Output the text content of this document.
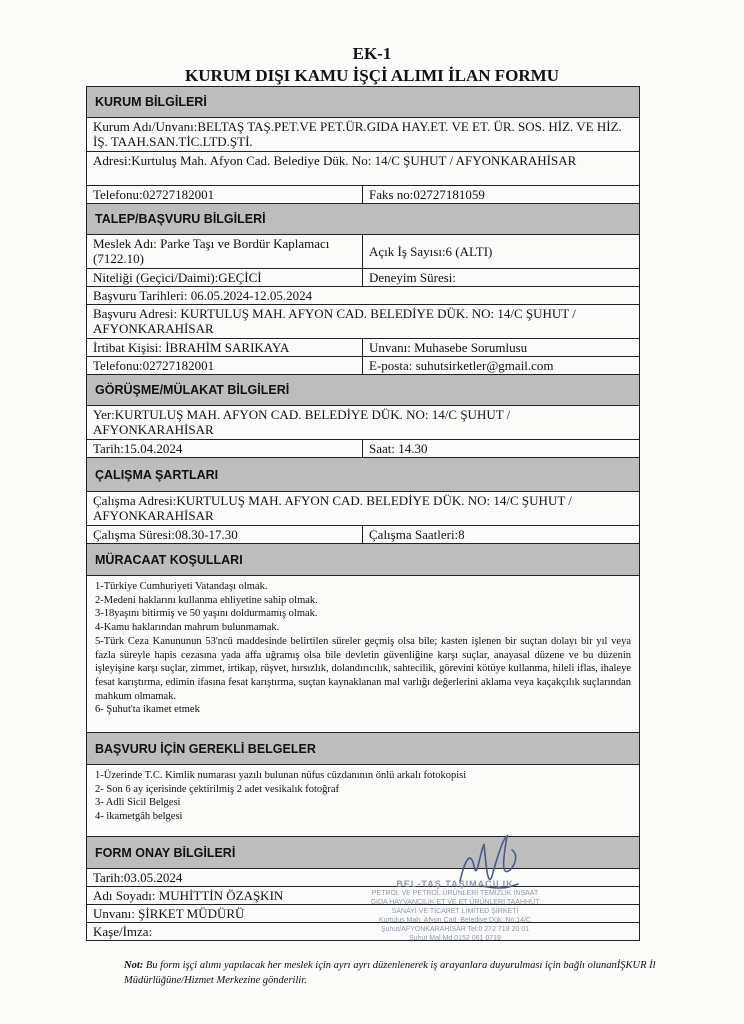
EK-1
KURUM DIŞI KAMU İŞÇİ ALIMI İLAN FORMU
KURUM BİLGİLERİ
Kurum Adı/Unvanı:BELTAŞ TAŞ.PET.VE PET.ÜR.GIDA HAY.ET. VE ET. ÜR. SOS. HİZ. VE HİZ. İŞ. TAAH.SAN.TİC.LTD.ŞTİ.
Adresi:Kurtuluş Mah. Afyon Cad. Belediye Dük. No: 14/C ŞUHUT / AFYONKARAHİSAR
Telefonu:02727182001	Faks no:02727181059
TALEP/BAŞVURU BİLGİLERİ
Meslek Adı: Parke Taşı ve Bordür Kaplamacı (7122.10)	Açık İş Sayısı:6 (ALTI)
Niteliği (Geçici/Daimi):GEÇİCİ	Deneyim Süresi:
Başvuru Tarihleri: 06.05.2024-12.05.2024
Başvuru Adresi: KURTULUŞ MAH. AFYON CAD. BELEDİYE DÜK. NO: 14/C ŞUHUT / AFYONKARAHİSAR
İrtibat Kişisi: İBRAHİM SARIKAYA	Unvanı: Muhasebe Sorumlusu
Telefonu:02727182001	E-posta: suhutsirketler@gmail.com
GÖRÜŞME/MÜLAKAT BİLGİLERİ
Yer:KURTULUŞ MAH. AFYON CAD. BELEDİYE DÜK. NO: 14/C ŞUHUT / AFYONKARAHİSAR
Tarih:15.04.2024	Saat: 14.30
ÇALIŞMA ŞARTLARI
Çalışma Adresi:KURTULUŞ MAH. AFYON CAD. BELEDİYE DÜK. NO: 14/C ŞUHUT / AFYONKARAHİSAR
Çalışma Süresi:08.30-17.30	Çalışma Saatleri:8
MÜRACAAT KOŞULLARI
1-Türkiye Cumhuriyeti Vatandaşı olmak.
2-Medeni haklarını kullanma ehliyetine sahip olmak.
3-18yaşını bitirmiş ve 50 yaşını doldurmamış olmak.
4-Kamu haklarından mahrum bulunmamak.
5-Türk Ceza Kanununun 53'ncü maddesinde belirtilen süreler geçmiş olsa bile; kasten işlenen bir suçtan dolayı bir yıl veya fazla süreyle hapis cezasına yada affa uğramış olsa bile devletin güvenliğine karşı suçlar, anayasal düzene ve bu düzenin işleyişine karşı suçlar, zimmet, irtikap, rüşvet, hırsızlık, dolandırıcılık, sahtecilik, görevini kötüye kullanma, hileli iflas, ihaleye fesat karıştırma, edimin ifasına fesat karıştırma, suçtan kaynaklanan mal varlığı değerlerini aklama veya kaçakçılık suçlarından mahkum olmamak.
6- Şuhut'ta ikamet etmek
BAŞVURU İÇİN GEREKLİ BELGELER
1-Üzerinde T.C. Kimlik numarası yazılı bulunan nüfus cüzdanının önlü arkalı fotokopisi
2- Son 6 ay içerisinde çektirilmiş 2 adet vesikalık fotoğraf
3- Adli Sicil Belgesi
4- ikametgâh belgesi
FORM ONAY BİLGİLERİ
Tarih:03.05.2024
Adı Soyadı: MUHİTTİN ÖZAŞKIN
Unvanı: ŞİRKET MÜDÜRÜ
Kaşe/İmza:
BEL-TAŞ TAŞIMACILIK
PETROL VE PETROL ÜRÜNLERİ TEMİZLİK İNŞAAT
GIDA HAYVANCILIK ET VE ET ÜRÜNLERİ TAAHHÜT
SANAYİ VE TİCARET LİMİTED ŞİRKETİ
Kurtuluş Mah. Afyon Cad. Belediye Dük. No:14/C
Şuhut/AFYONKARAHİSAR Tel:0 272 718 20 01
Şuhut Mal.Md.0152 061 0719
Not: Bu form işçi alımı yapılacak her meslek için ayrı ayrı düzenlenerek iş arayanlara duyurulması için bağlı olunanİŞKUR İl Müdürlüğüne/Hizmet Merkezine gönderilir.
